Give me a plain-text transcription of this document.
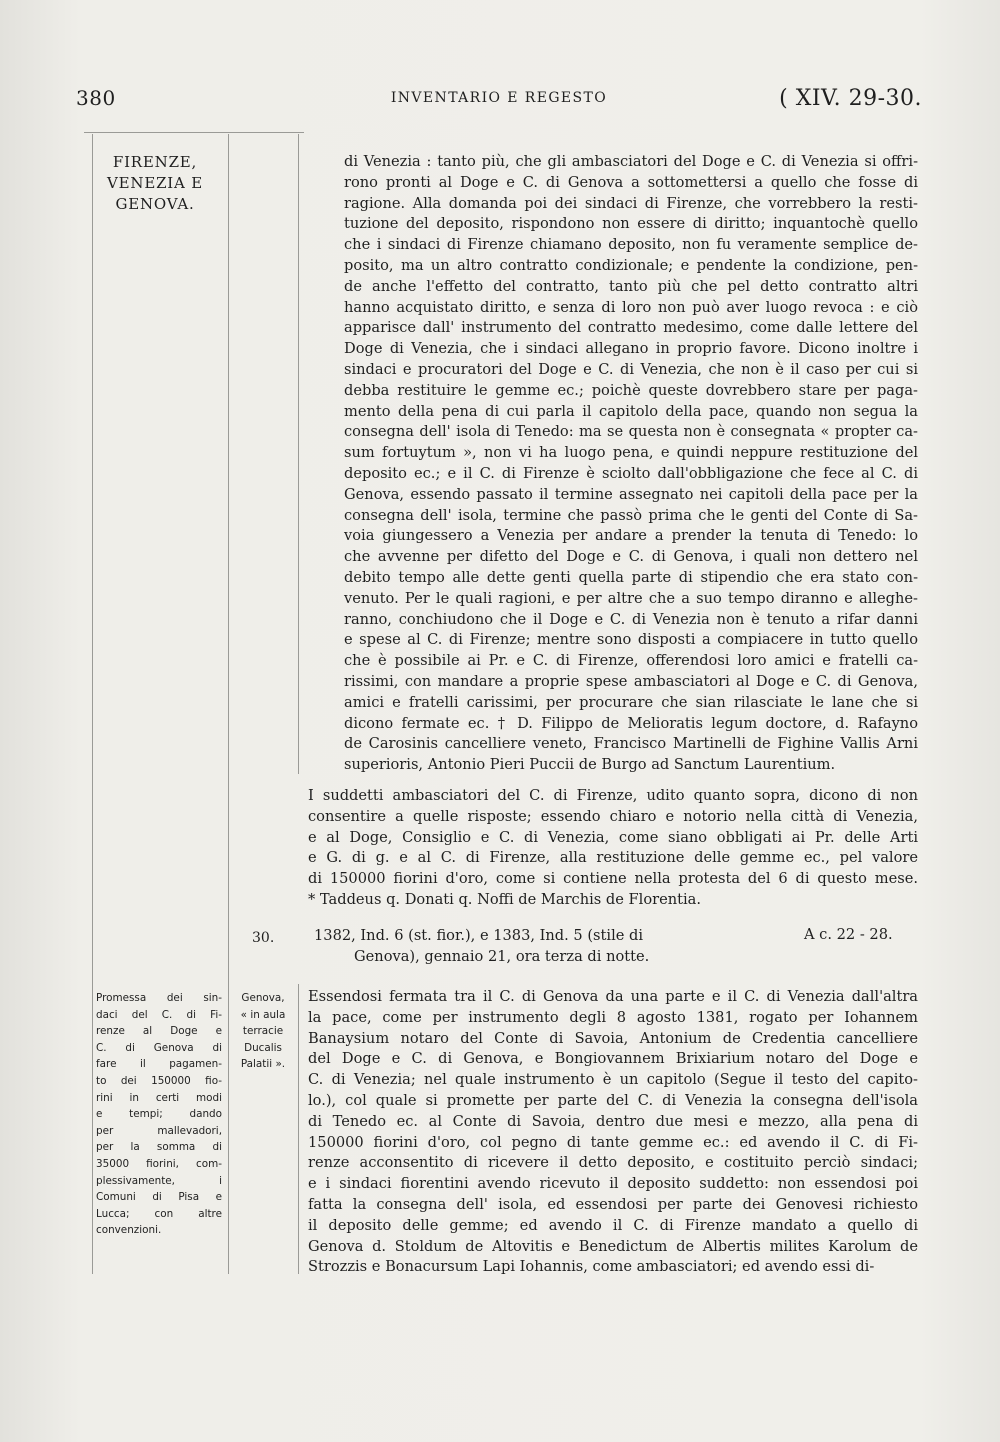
380	INVENTARIO E REGESTO	( XIV. 29-30.
FIRENZE,
VENEZIA E
GENOVA.
di Venezia : tanto più, che gli ambasciatori del Doge e C. di Venezia si offri-
rono pronti al Doge e C. di Genova a sottomettersi a quello che fosse di
ragione. Alla domanda poi dei sindaci di Firenze, che vorrebbero la resti-
tuzione del deposito, rispondono non essere di diritto; inquantochè quello
che i sindaci di Firenze chiamano deposito, non fu veramente semplice de-
posito, ma un altro contratto condizionale; e pendente la condizione, pen-
de anche l'effetto del contratto, tanto più che pel detto contratto altri
hanno acquistato diritto, e senza di loro non può aver luogo revoca : e ciò
apparisce dall' instrumento del contratto medesimo, come dalle lettere del
Doge di Venezia, che i sindaci allegano in proprio favore. Dicono inoltre i
sindaci e procuratori del Doge e C. di Venezia, che non è il caso per cui si
debba restituire le gemme ec.; poichè queste dovrebbero stare per paga-
mento della pena di cui parla il capitolo della pace, quando non segua la
consegna dell' isola di Tenedo: ma se questa non è consegnata « propter ca-
sum fortuytum », non vi ha luogo pena, e quindi neppure restituzione del
deposito ec.; e il C. di Firenze è sciolto dall'obbligazione che fece al C. di
Genova, essendo passato il termine assegnato nei capitoli della pace per la
consegna dell' isola, termine che passò prima che le genti del Conte di Sa-
voia giungessero a Venezia per andare a prender la tenuta di Tenedo: lo
che avvenne per difetto del Doge e C. di Genova, i quali non dettero nel
debito tempo alle dette genti quella parte di stipendio che era stato con-
venuto. Per le quali ragioni, e per altre che a suo tempo diranno e alleghe-
ranno, conchiudono che il Doge e C. di Venezia non è tenuto a rifar danni
e spese al C. di Firenze; mentre sono disposti a compiacere in tutto quello
che è possibile ai Pr. e C. di Firenze, offerendosi loro amici e fratelli ca-
rissimi, con mandare a proprie spese ambasciatori al Doge e C. di Genova,
amici e fratelli carissimi, per procurare che sian rilasciate le lane che si
dicono fermate ec. † D. Filippo de Melioratis legum doctore, d. Rafayno
de Carosinis cancelliere veneto, Francisco Martinelli de Fighine Vallis Arni
superioris, Antonio Pieri Puccii de Burgo ad Sanctum Laurentium.
I suddetti ambasciatori del C. di Firenze, udito quanto sopra, dicono di non
consentire a quelle risposte; essendo chiaro e notorio nella città di Venezia,
e al Doge, Consiglio e C. di Venezia, come siano obbligati ai Pr. delle Arti
e G. di g. e al C. di Firenze, alla restituzione delle gemme ec., pel valore
di 150000 fiorini d'oro, come si contiene nella protesta del 6 di questo mese.
* Taddeus q. Donati q. Noffi de Marchis de Florentia.
30.	1382, Ind. 6 (st. fior.), e 1383, Ind. 5 (stile di
Genova), gennaio 21, ora terza di notte.
A c. 22 - 28.
Promessa dei sin-
daci del C. di Fi-
renze al Doge e
C. di Genova di
fare il pagamen-
to dei 150000 fio-
rini in certi modi
e tempi; dando
per mallevadori,
per la somma di
35000 fiorini, com-
plessivamente, i
Comuni di Pisa e
Lucca; con altre
convenzioni.
Genova,
« in aula
terracie
Ducalis
Palatii ».
Essendosi fermata tra il C. di Genova da una parte e il C. di Venezia dall'altra
la pace, come per instrumento degli 8 agosto 1381, rogato per Iohannem
Banaysium notaro del Conte di Savoia, Antonium de Credentia cancelliere
del Doge e C. di Genova, e Bongiovannem Brixiarium notaro del Doge e
C. di Venezia; nel quale instrumento è un capitolo (Segue il testo del capito-
lo.), col quale si promette per parte del C. di Venezia la consegna dell'isola
di Tenedo ec. al Conte di Savoia, dentro due mesi e mezzo, alla pena di
150000 fiorini d'oro, col pegno di tante gemme ec.: ed avendo il C. di Fi-
renze acconsentito di ricevere il detto deposito, e costituito perciò sindaci;
e i sindaci fiorentini avendo ricevuto il deposito suddetto: non essendosi poi
fatta la consegna dell' isola, ed essendosi per parte dei Genovesi richiesto
il deposito delle gemme; ed avendo il C. di Firenze mandato a quello di
Genova d. Stoldum de Altovitis e Benedictum de Albertis milites Karolum de
Strozzis e Bonacursum Lapi Iohannis, come ambasciatori; ed avendo essi di-
